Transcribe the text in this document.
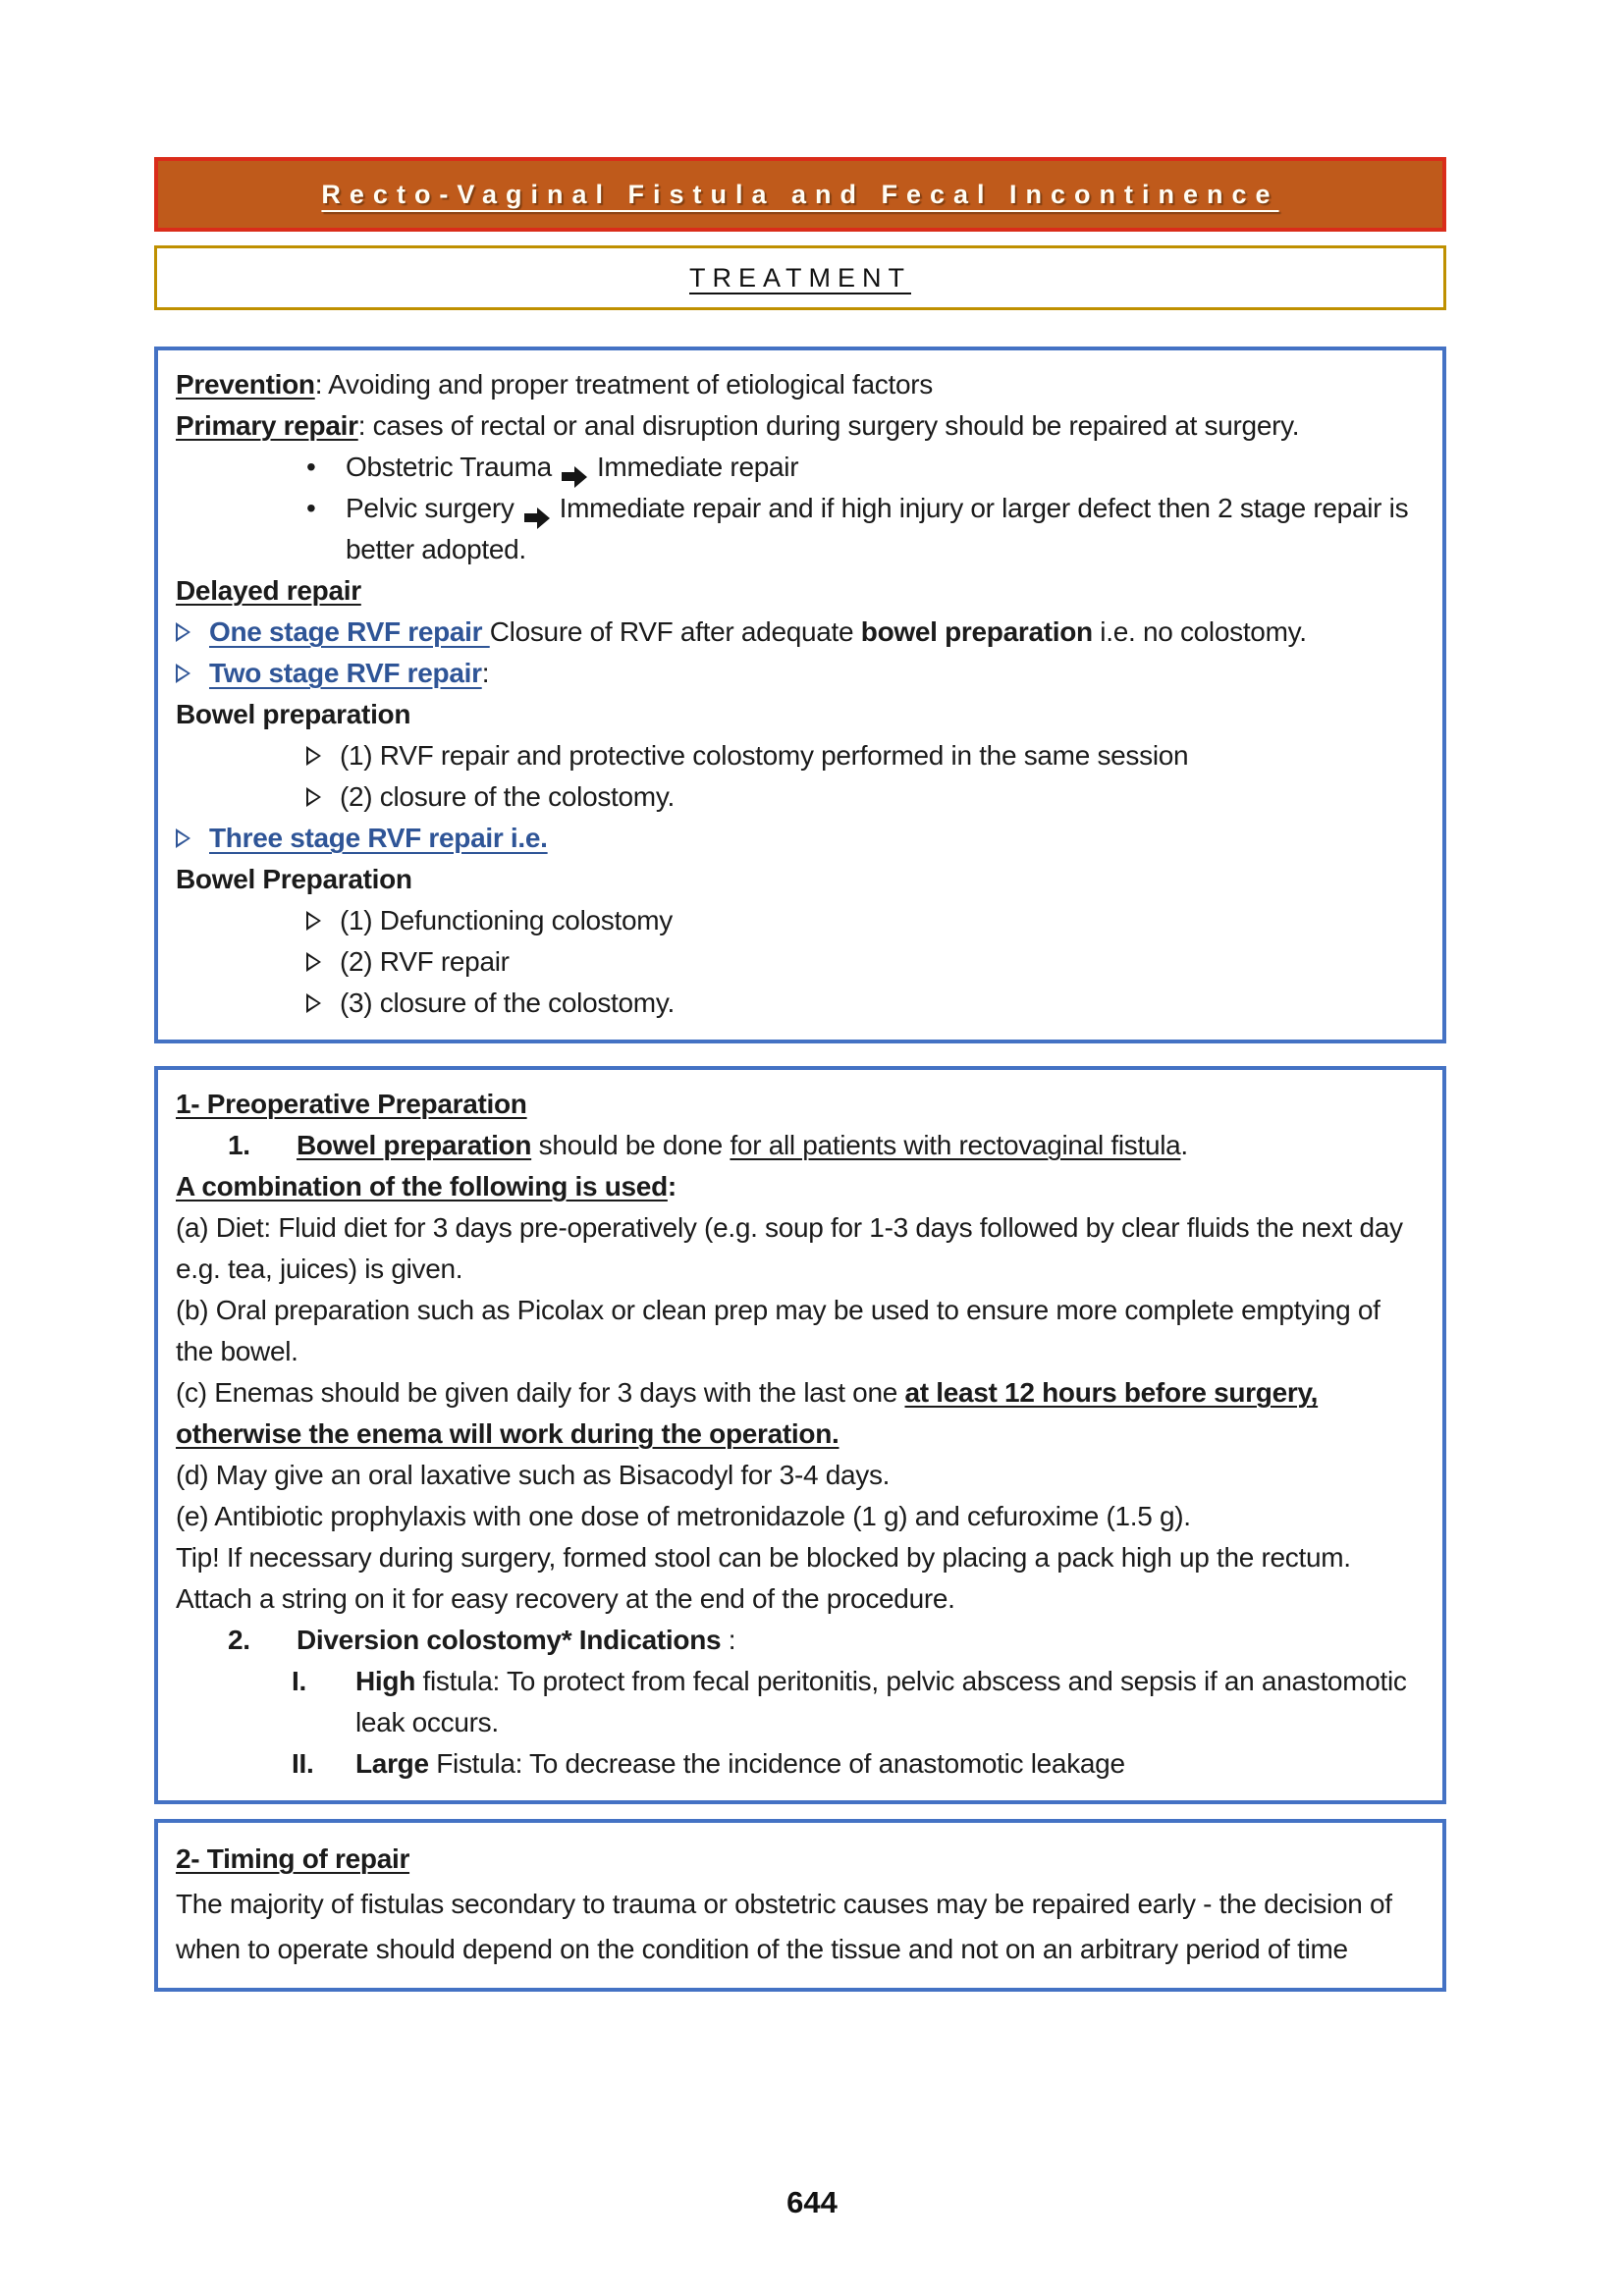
Recto-Vaginal Fistula and Fecal Incontinence
TREATMENT

Prevention: Avoiding and proper treatment of etiological factors

Primary repair: cases of rectal or anal disruption during surgery should be repaired at surgery.

•	Obstetric Trauma Immediate repair
•	Pelvic surgery Immediate repair and if high injury or larger defect then 2 stage repair is better adopted.

Delayed repair

One stage RVF repair Closure of RVF after adequate bowel preparation i.e. no colostomy.
Two stage RVF repair:

Bowel preparation

(1) RVF repair and protective colostomy performed in the same session
(2) closure of the colostomy.
Three stage RVF repair i.e.

Bowel Preparation

(1) Defunctioning colostomy
(2) RVF repair
(3) closure of the colostomy.

1- Preoperative Preparation

1.	Bowel preparation should be done for all patients with rectovaginal fistula.

A combination of the following is used:

(a) Diet: Fluid diet for 3 days pre-operatively (e.g. soup for 1-3 days followed by clear fluids the next day e.g. tea, juices) is given.

(b) Oral preparation such as Picolax or clean prep may be used to ensure more complete emptying of the bowel.

(c) Enemas should be given daily for 3 days with the last one at least 12 hours before surgery, otherwise the enema will work during the operation.

(d) May give an oral laxative such as Bisacodyl for 3-4 days.

(e) Antibiotic prophylaxis with one dose of metronidazole (1 g) and cefuroxime (1.5 g).

Tip! If necessary during surgery, formed stool can be blocked by placing a pack high up the rectum. Attach a string on it for easy recovery at the end of the procedure.

2.	Diversion colostomy* Indications :
I.	High fistula: To protect from fecal peritonitis, pelvic abscess and sepsis if an anastomotic leak occurs.
II.	Large Fistula: To decrease the incidence of anastomotic leakage

2- Timing of repair

The majority of fistulas secondary to trauma or obstetric causes may be repaired early - the decision of when to operate should depend on the condition of the tissue and not on an arbitrary period of time

644
